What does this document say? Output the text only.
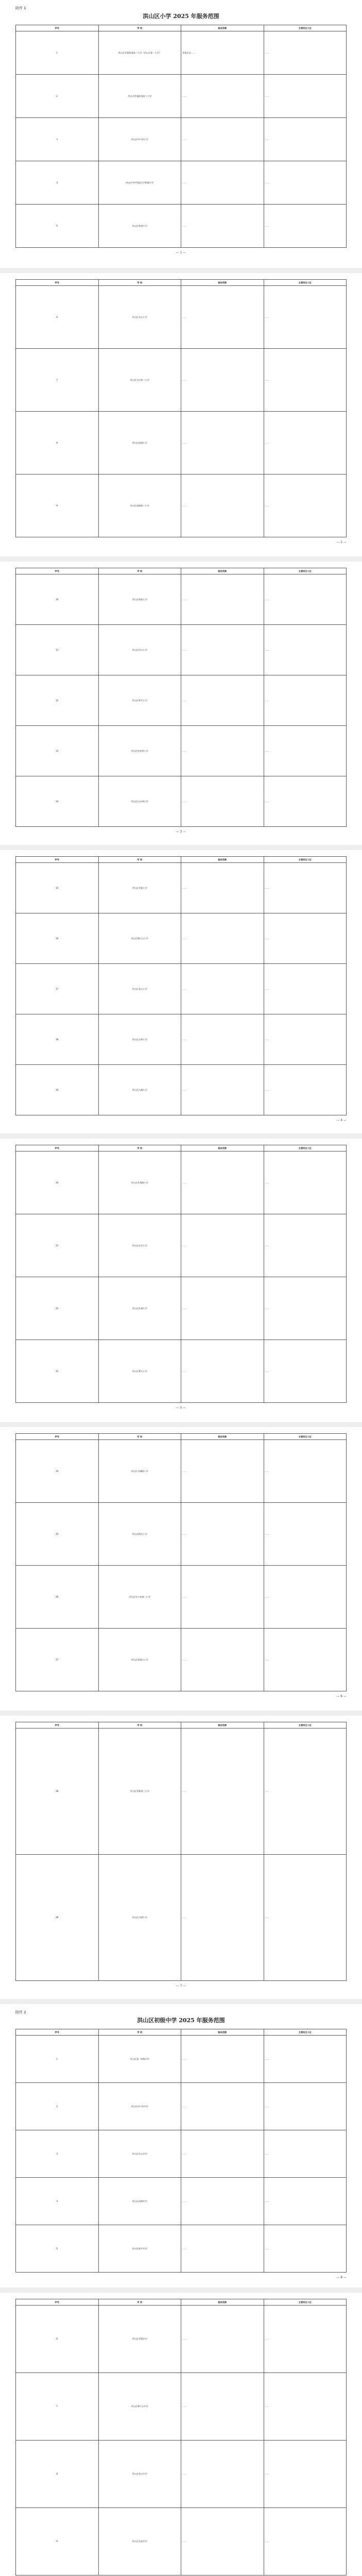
附件 1
洪山区小学 2025 年服务范围
序号	学 校	服务范围	主要招生小区
1	洪山区青菱街道第二小学（洪山区第一小学）	青菱社区……	……
2	洪山区青菱街道第二小学	……	……
3	洪山区卓刀泉小学	……	……
4	洪山区华中科技大学附属小学	……	……
5	洪山区鲁巷小学	……	……
— 1 —
序号	学 校	服务范围	主要招生小区
6	洪山区关山小学	……	……
7	洪山区关山第二小学	……	……
8	洪山区南湖小学	……	……
9	洪山区南湖第二小学	……	……
— 2 —
序号	学 校	服务范围	主要招生小区
10	洪山区珞南小学	……	……
11	洪山区洪山小学	……	……
12	洪山区和平小学	……	……
13	洪山区张家湾小学	……	……
14	洪山区白沙洲小学	……	……
— 3 —
序号	学 校	服务范围	主要招生小区
15	洪山区青菱小学	……	……
16	洪山区狮子山小学	……	……
17	洪山区花山小学	……	……
18	洪山区左岭小学	……	……
19	洪山区九峰小学	……	……
— 4 —
序号	学 校	服务范围	主要招生小区
20	洪山区武珞路小学	……	……
21	洪山区光谷小学	……	……
22	洪山区东湖小学	……	……
23	洪山区楚天小学	……	……
— 5 —
序号	学 校	服务范围	主要招生小区
24	洪山区书城路小学	……	……
25	洪山区群光小学	……	……
26	洪山区卓刀泉第二小学	……	……
27	洪山区南望山小学	……	……
— 6 —
序号	学 校	服务范围	主要招生小区
28	洪山区青菱第三小学	……	……
29	洪山区马湖小学	……	……
— 7 —
附件 2
洪山区初级中学 2025 年服务范围
序号	学 校	服务范围	主要招生小区
1	洪山区第一初级中学	……	……
2	洪山区卓刀泉中学	……	……
3	洪山区关山中学	……	……
4	洪山区南湖中学	……	……
5	洪山区和平中学	……	……
— 8 —
序号	学 校	服务范围	主要招生小区
6	洪山区青菱中学	……	……
7	洪山区狮子山中学	……	……
8	洪山区花山中学	……	……
9	洪山区左岭中学	……	……
